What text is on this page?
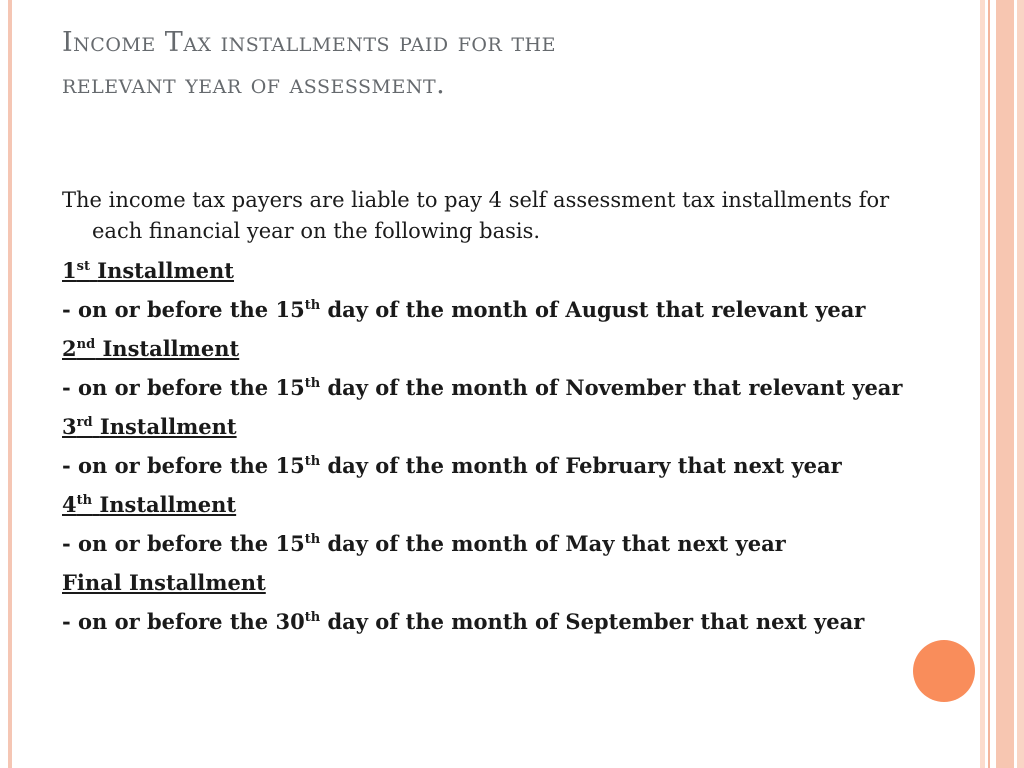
Income Tax installments paid for the
relevant year of assessment.

The income tax payers are liable to pay 4 self assessment tax installments for each financial year on the following basis.

1st Installment

- on or before the 15th day of the month of August that relevant year

2nd Installment

- on or before the 15th day of the month of November that relevant year

3rd Installment

- on or before the 15th day of the month of February that next year

4th Installment

- on or before the 15th day of the month of May that next year

Final Installment

- on or before the 30th day of the month of September that next year
